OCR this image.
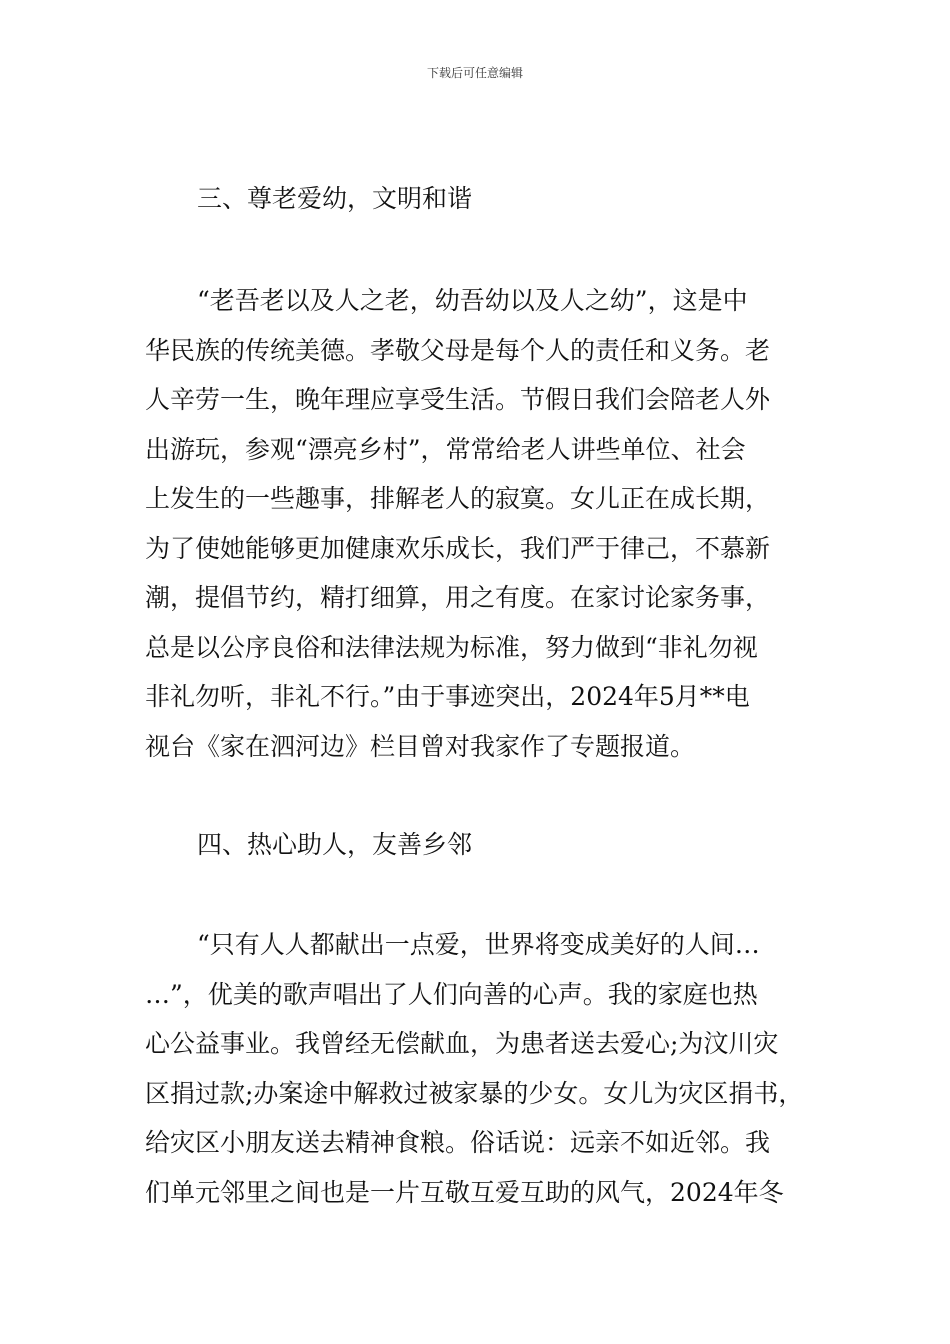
下载后可任意编辑
三、尊老爱幼，文明和谐
“老吾老以及人之老，幼吾幼以及人之幼”，这是中
华民族的传统美德。孝敬父母是每个人的责任和义务。老
人辛劳一生，晚年理应享受生活。节假日我们会陪老人外
出游玩，参观“漂亮乡村”，常常给老人讲些单位、社会
上发生的一些趣事，排解老人的寂寞。女儿正在成长期，
为了使她能够更加健康欢乐成长，我们严于律己，不慕新
潮，提倡节约，精打细算，用之有度。在家讨论家务事，
总是以公序良俗和法律法规为标准，努力做到“非礼勿视
非礼勿听，非礼不行。”由于事迹突出，2024年5月**电
视台《家在泗河边》栏目曾对我家作了专题报道。
四、热心助人，友善乡邻
“只有人人都献出一点爱，世界将变成美好的人间…
…”，优美的歌声唱出了人们向善的心声。我的家庭也热
心公益事业。我曾经无偿献血，为患者送去爱心;为汶川灾
区捐过款;办案途中解救过被家暴的少女。女儿为灾区捐书，
给灾区小朋友送去精神食粮。俗话说：远亲不如近邻。我
们单元邻里之间也是一片互敬互爱互助的风气，2024年冬
